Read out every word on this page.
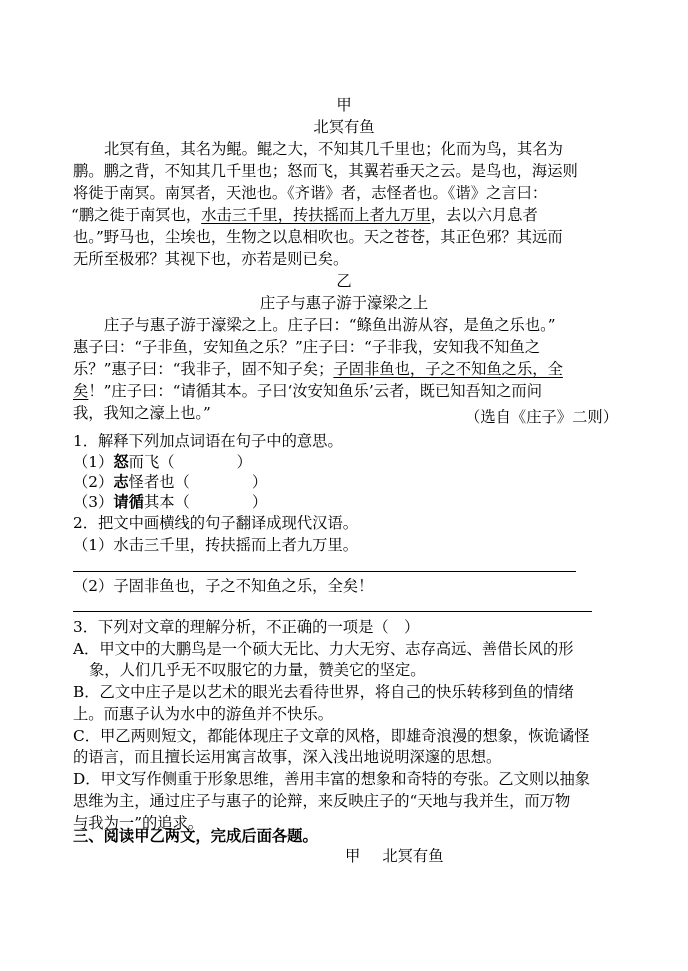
甲
北冥有鱼
北冥有鱼，其名为鲲。鲲之大，不知其几千里也；化而为鸟，其名为
鹏。鹏之背，不知其几千里也；怒而飞，其翼若垂天之云。是鸟也，海运则
将徙于南冥。南冥者，天池也。《齐谐》者，志怪者也。《谐》之言曰：
“鹏之徙于南冥也，水击三千里，抟扶摇而上者九万里，去以六月息者
也。”野马也，尘埃也，生物之以息相吹也。天之苍苍，其正色邪？其远而
无所至极邪？其视下也，亦若是则已矣。
乙
庄子与惠子游于濠梁之上
庄子与惠子游于濠梁之上。庄子曰：“鲦鱼出游从容，是鱼之乐也。”
惠子曰：“子非鱼，安知鱼之乐？”庄子曰：“子非我，安知我不知鱼之
乐？”惠子曰：“我非子，固不知子矣；子固非鱼也，子之不知鱼之乐，全
矣！”庄子曰：“请循其本。子曰‘汝安知鱼乐’云者，既已知吾知之而问
我，我知之濠上也。”	（选自《庄子》二则）
1．解释下列加点词语在句子中的意思。
（1）怒而飞（	）
（2）志怪者也（	）
（3）请循其本（	）
2．把文中画横线的句子翻译成现代汉语。
（1）水击三千里，抟扶摇而上者九万里。
（2）子固非鱼也，子之不知鱼之乐，全矣！
3．下列对文章的理解分析，不正确的一项是（　）
A．甲文中的大鹏鸟是一个硕大无比、力大无穷、志存高远、善借长风的形
象，人们几乎无不叹服它的力量，赞美它的坚定。
B．乙文中庄子是以艺术的眼光去看待世界，将自己的快乐转移到鱼的情绪
上。而惠子认为水中的游鱼并不快乐。
C．甲乙两则短文，都能体现庄子文章的风格，即雄奇浪漫的想象，恢诡谲怪
的语言，而且擅长运用寓言故事，深入浅出地说明深邃的思想。
D．甲文写作侧重于形象思维，善用丰富的想象和奇特的夸张。乙文则以抽象
思维为主，通过庄子与惠子的论辩，来反映庄子的“天地与我并生，而万物
与我为一”的追求。
三、阅读甲乙两文，完成后面各题。
甲 北冥有鱼
